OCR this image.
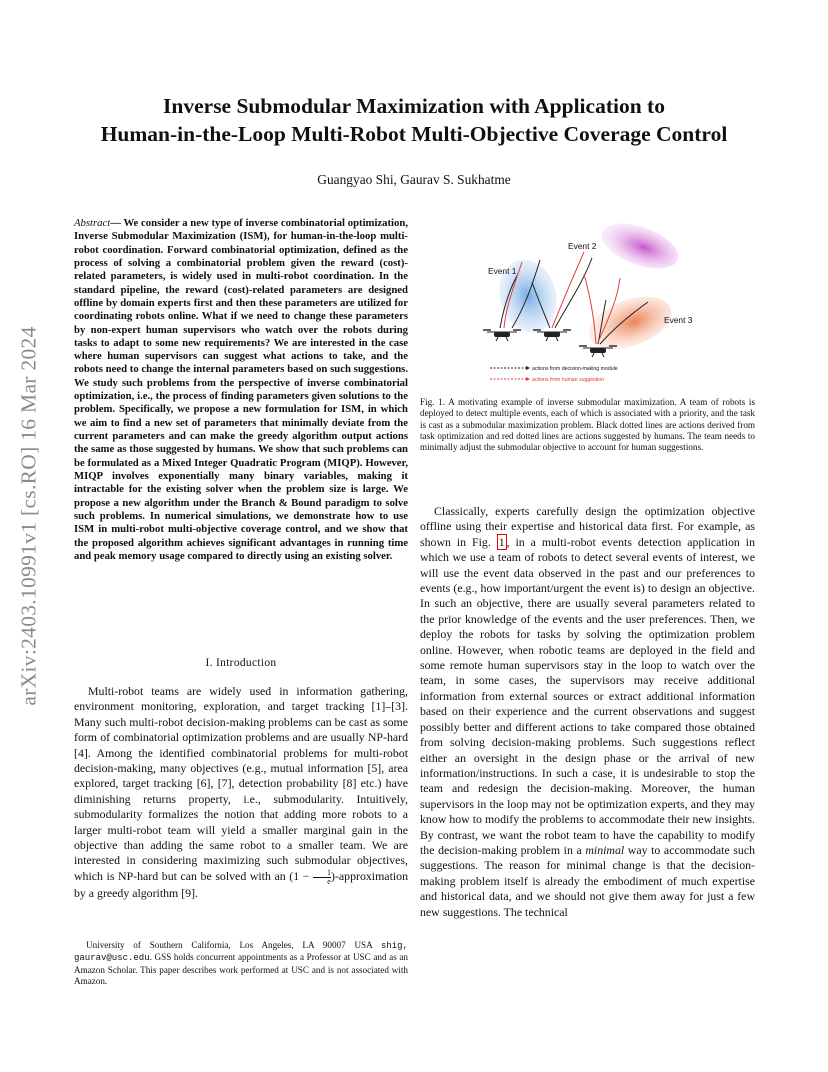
arXiv:2403.10991v1 [cs.RO] 16 Mar 2024
Inverse Submodular Maximization with Application to
Human-in-the-Loop Multi-Robot Multi-Objective Coverage Control
Guangyao Shi, Gaurav S. Sukhatme
Abstract— We consider a new type of inverse combinatorial optimization, Inverse Submodular Maximization (ISM), for human-in-the-loop multi-robot coordination. Forward combinatorial optimization, defined as the process of solving a combinatorial problem given the reward (cost)-related parameters, is widely used in multi-robot coordination. In the standard pipeline, the reward (cost)-related parameters are designed offline by domain experts first and then these parameters are utilized for coordinating robots online. What if we need to change these parameters by non-expert human supervisors who watch over the robots during tasks to adapt to some new requirements? We are interested in the case where human supervisors can suggest what actions to take, and the robots need to change the internal parameters based on such suggestions. We study such problems from the perspective of inverse combinatorial optimization, i.e., the process of finding parameters given solutions to the problem. Specifically, we propose a new formulation for ISM, in which we aim to find a new set of parameters that minimally deviate from the current parameters and can make the greedy algorithm output actions the same as those suggested by humans. We show that such problems can be formulated as a Mixed Integer Quadratic Program (MIQP). However, MIQP involves exponentially many binary variables, making it intractable for the existing solver when the problem size is large. We propose a new algorithm under the Branch & Bound paradigm to solve such problems. In numerical simulations, we demonstrate how to use ISM in multi-robot multi-objective coverage control, and we show that the proposed algorithm achieves significant advantages in running time and peak memory usage compared to directly using an existing solver.
I. Introduction

Multi-robot teams are widely used in information gathering, environment monitoring, exploration, and target tracking [1]–[3]. Many such multi-robot decision-making problems can be cast as some form of combinatorial optimization problems and are usually NP-hard [4]. Among the identified combinatorial problems for multi-robot decision-making, many objectives (e.g., mutual information [5], area explored, target tracking [6], [7], detection probability [8] etc.) have diminishing returns property, i.e., submodularity. Intuitively, submodularity formalizes the notion that adding more robots to a larger multi-robot team will yield a smaller marginal gain in the objective than adding the same robot to a smaller team. We are interested in considering maximizing such submodular objectives, which is NP-hard but can be solved with an ($1 - \frac{1}{e}$ )-approximation by a greedy algorithm [9].

University of Southern California, Los Angeles, LA 90007 USA shig, gaurav@usc.edu. GSS holds concurrent appointments as a Professor at USC and as an Amazon Scholar. This paper describes work performed at USC and is not associated with Amazon.

Event 1
Event 2
Event 3
actions from decision-making module
actions from human suggestion
Fig. 1. A motivating example of inverse submodular maximization. A team of robots is deployed to detect multiple events, each of which is associated with a priority, and the task is cast as a submodular maximization problem. Black dotted lines are actions derived from task optimization and red dotted lines are actions suggested by humans. The team needs to minimally adjust the submodular objective to account for human suggestions.

Classically, experts carefully design the optimization objective offline using their expertise and historical data first. For example, as shown in Fig. 1 , in a multi-robot events detection application in which we use a team of robots to detect several events of interest, we will use the event data observed in the past and our preferences to events (e.g., how important/urgent the event is) to design an objective. In such an objective, there are usually several parameters related to the prior knowledge of the events and the user preferences. Then, we deploy the robots for tasks by solving the optimization problem online. However, when robotic teams are deployed in the field and some remote human supervisors stay in the loop to watch over the team, in some cases, the supervisors may receive additional information from external sources or extract additional information based on their experience and the current observations and suggest possibly better and different actions to take compared those obtained from solving decision-making problems. Such suggestions reflect either an oversight in the design phase or the arrival of new information/instructions. In such a case, it is undesirable to stop the team and redesign the decision-making. Moreover, the human supervisors in the loop may not be optimization experts, and they may know how to modify the problems to accommodate their new insights. By contrast, we want the robot team to have the capability to modify the decision-making problem in a minimal way to accommodate such suggestions. The reason for minimal change is that the decision-making problem itself is already the embodiment of much expertise and historical data, and we should not give them away for just a few new suggestions. The technical
